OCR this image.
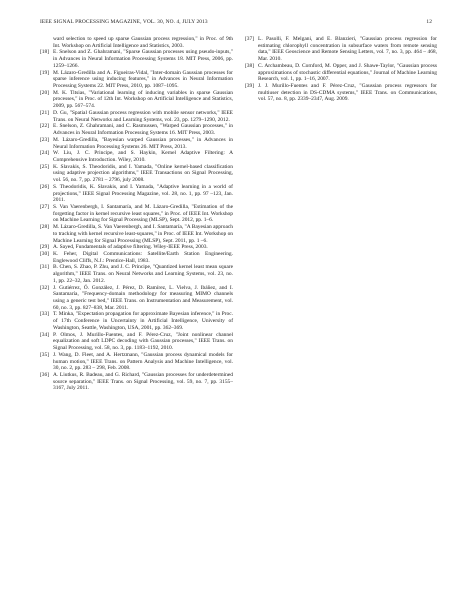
IEEE SIGNAL PROCESSING MAGAZINE, VOL. 30, NO. 4, JULY 2013	12
ward selection to speed up sparse Gaussian process regression," in Proc. of 9th Int. Workshop on Artificial Intelligence and Statistics, 2003.
[18] E. Snelson and Z. Ghahramani, "Sparse Gaussian processes using pseudo-inputs," in Advances in Neural Information Processing Systems 18. MIT Press, 2006, pp. 1259–1266.
[19] M. Lázaro-Gredilla and A. Figueiras-Vidal, "Inter-domain Gaussian processes for sparse inference using inducing features," in Advances in Neural Information Processing Systems 22. MIT Press, 2010, pp. 1087–1095.
[20] M. K. Titsias, "Variational learning of inducing variables in sparse Gaussian processes," in Proc. of 12th Int. Workshop on Artificial Intelligence and Statistics, 2009, pp. 567–574.
[21] D. Gu, "Spatial Gaussian process regression with mobile sensor networks," IEEE Trans. on Neural Networks and Learning Systems, vol. 23, pp. 1279–1290, 2012.
[22] E. Snelson, Z. Ghahramani, and C. Rasmussen, "Warped Gaussian processes," in Advances in Neural Information Processing Systems 16. MIT Press, 2003.
[23] M. Lázaro-Gredilla, "Bayesian warped Gaussian processes," in Advances in Neural Information Processing Systems 26. MIT Press, 2013.
[24] W. Liu, J. C. Principe, and S. Haykin, Kernel Adaptive Filtering: A Comprehensive Introduction. Wiley, 2010.
[25] K. Slavakis, S. Theodoridis, and I. Yamada, "Online kernel-based classification using adaptive projection algorithms," IEEE Transactions on Signal Processing, vol. 56, no. 7, pp. 2781 – 2796, july 2008.
[26] S. Theodoridis, K. Slavakis, and I. Yamada, "Adaptive learning in a world of projections," IEEE Signal Processing Magazine, vol. 28, no. 1, pp. 97 –123, Jan. 2011.
[27] S. Van Vaerenbergh, I. Santamaría, and M. Lázaro-Gredilla, "Estimation of the forgetting factor in kernel recursive least squares," in Proc. of IEEE Int. Workshop on Machine Learning for Signal Processing (MLSP), Sept. 2012, pp. 1–6.
[28] M. Lázaro-Gredilla, S. Van Vaerenbergh, and I. Santamaría, "A Bayesian approach to tracking with kernel recursive least-squares," in Proc. of IEEE Int. Workshop on Machine Learning for Signal Processing (MLSP), Sept. 2011, pp. 1 –6.
[29] A. Sayed, Fundamentals of adaptive filtering. Wiley-IEEE Press, 2003.
[30] K. Feher, Digital Communications: Satellite/Earth Station Engineering. Englewood Cliffs, N.J.: Prentice-Hall, 1983.
[31] B. Chen, S. Zhao, P. Zhu, and J. C. Principe, "Quantized kernel least mean square algorithm," IEEE Trans. on Neural Networks and Learning Systems, vol. 23, no. 1, pp. 22–32, Jan. 2012.
[32] J. Gutiérrez, Ó. González, J. Pérez, D. Ramírez, L. Vielva, J. Ibáñez, and I. Santamaría, "Frequency-domain methodology for measuring MIMO channels using a generic test bed," IEEE Trans. on Instrumentation and Measurement, vol. 60, no. 3, pp. 827–838, Mar. 2011.
[33] T. Minka, "Expectation propagation for approximate Bayesian inference," in Proc. of 17th Conference in Uncertainty in Artificial Intelligence, University of Washington, Seattle, Washington, USA, 2001, pp. 362–369.
[34] P. Olmos, J. Murillo-Fuentes, and F. Pérez-Cruz, "Joint nonlinear channel equalization and soft LDPC decoding with Gaussian processes," IEEE Trans. on Signal Processing, vol. 58, no. 3, pp. 1183–1192, 2010.
[35] J. Wang, D. Fleet, and A. Hertzmann, "Gaussian process dynamical models for human motion," IEEE Trans. on Pattern Analysis and Machine Intelligence, vol. 30, no. 2, pp. 283 – 298, Feb. 2008.
[36] A. Liutkus, R. Badeau, and G. Richard, "Gaussian processes for underdetermined source separation," IEEE Trans. on Signal Processing, vol. 59, no. 7, pp. 3155–3167, July 2011.
[37] L. Pasolli, F. Melgani, and E. Blanzieri, "Gaussian process regression for estimating chlorophyll concentration in subsurface waters from remote sensing data," IEEE Geoscience and Remote Sensing Letters, vol. 7, no. 3, pp. 464 – 468, Mar. 2010.
[38] C. Archambeau, D. Cornford, M. Opper, and J. Shawe-Taylor, "Gaussian process approximations of stochastic differential equations," Journal of Machine Learning Research, vol. 1, pp. 1–16, 2007.
[39] J. J. Murillo-Fuentes and F. Pérez-Cruz, "Gaussian process regressors for multiuser detection in DS-CDMA systems," IEEE Trans. on Communications, vol. 57, no. 8, pp. 2339–2347, Aug. 2009.
